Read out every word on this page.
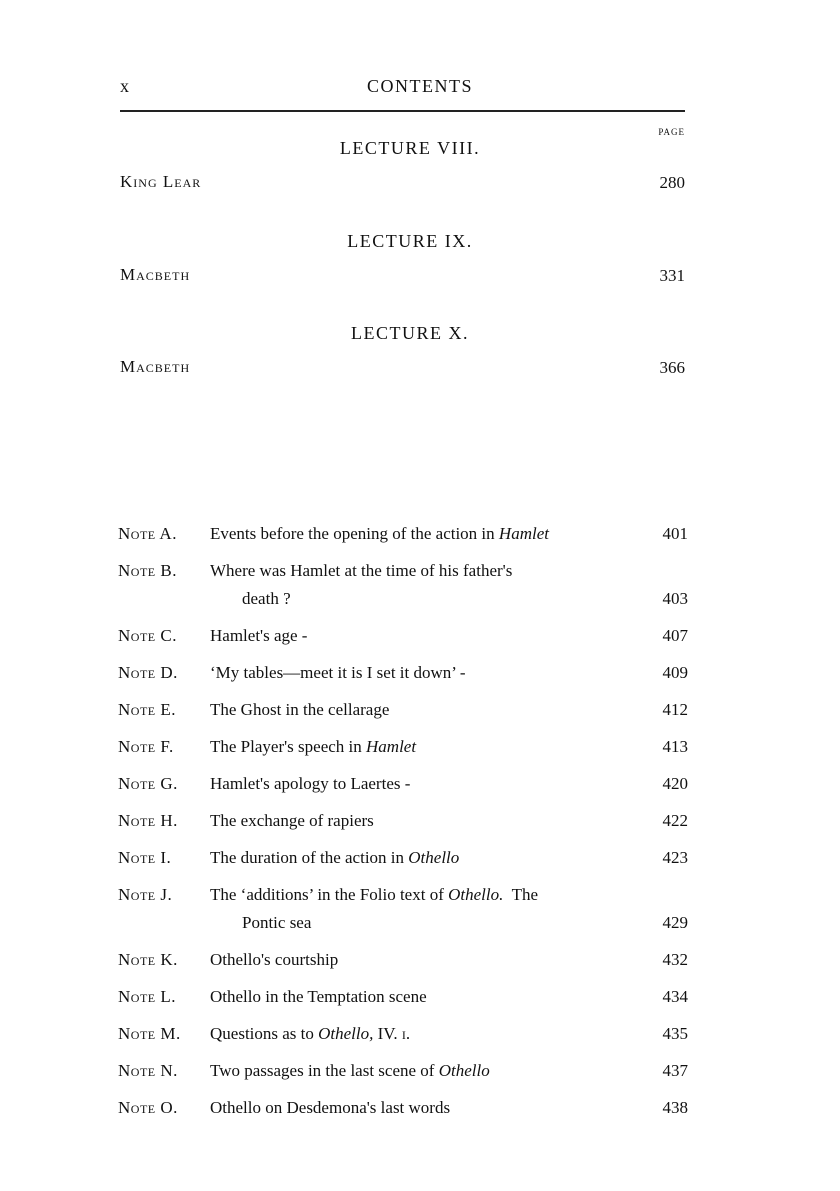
x	CONTENTS
PAGE
LECTURE VIII.
King Lear	280
LECTURE IX.
Macbeth	331
LECTURE X.
Macbeth	366
Note A.	Events before the opening of the action in Hamlet	401
Note B.	Where was Hamlet at the time of his father's
death ?	403
Note C.	Hamlet's age -	407
Note D.	‘My tables—meet it is I set it down’ -	409
Note E.	The Ghost in the cellarage	412
Note F.	The Player's speech in Hamlet	413
Note G.	Hamlet's apology to Laertes -	420
Note H.	The exchange of rapiers	422
Note I.	The duration of the action in Othello	423
Note J.	The ‘additions’ in the Folio text of Othello.  The
Pontic sea	429
Note K.	Othello's courtship	432
Note L.	Othello in the Temptation scene	434
Note M.	Questions as to Othello, IV. i.	435
Note N.	Two passages in the last scene of Othello	437
Note O.	Othello on Desdemona's last words	438
